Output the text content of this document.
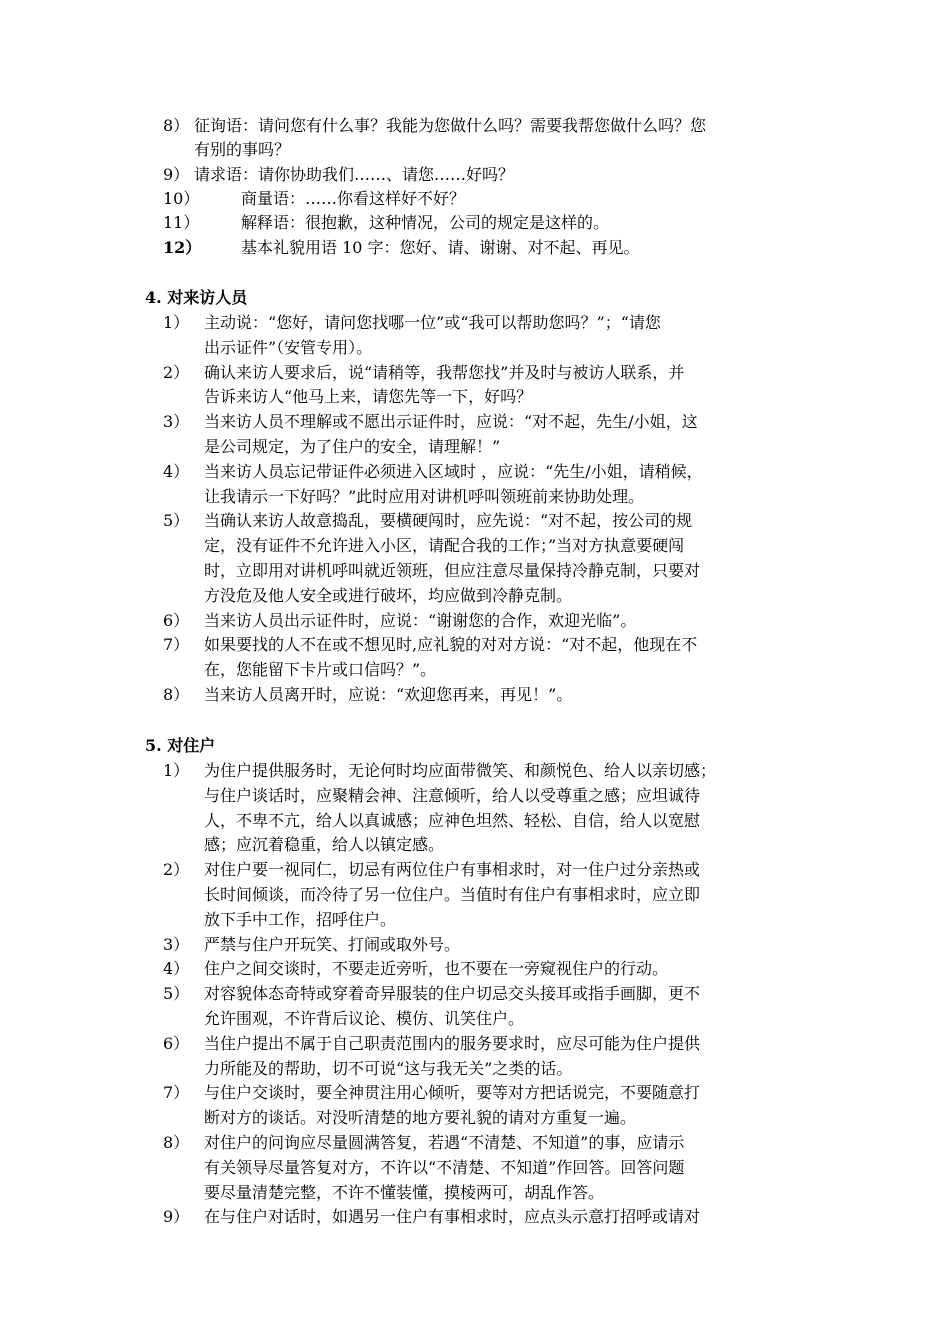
8） 征询语：请问您有什么事？我能为您做什么吗？需要我帮您做什么吗？您
有别的事吗？
9） 请求语：请你协助我们……、请您……好吗？
10）	商量语：……你看这样好不好？
11）	解释语：很抱歉，这种情况，公司的规定是这样的。
12） 基本礼貌用语 10 字：您好、请、谢谢、对不起、再见。
4. 对来访人员
1） 主动说：“您好，请问您找哪一位”或“我可以帮助您吗？”；“请您
出示证件”（安管专用）。
2） 确认来访人要求后，说“请稍等，我帮您找”并及时与被访人联系，并
告诉来访人“他马上来，请您先等一下，好吗？
3） 当来访人员不理解或不愿出示证件时，应说：“对不起，先生/小姐，这
是公司规定，为了住户的安全，请理解！”
4） 当来访人员忘记带证件必须进入区域时 ，应说：“先生/小姐，请稍候，
让我请示一下好吗？”此时应用对讲机呼叫领班前来协助处理。
5） 当确认来访人故意捣乱，要横硬闯时，应先说：“对不起，按公司的规
定，没有证件不允许进入小区，请配合我的工作；”当对方执意要硬闯
时，立即用对讲机呼叫就近领班，但应注意尽量保持冷静克制，只要对
方没危及他人安全或进行破坏，均应做到冷静克制。
6） 当来访人员出示证件时，应说：“谢谢您的合作，欢迎光临”。
7） 如果要找的人不在或不想见时,应礼貌的对对方说：“对不起，他现在不
在，您能留下卡片或口信吗？”。
8） 当来访人员离开时，应说：“欢迎您再来，再见！”。
5. 对住户
1） 为住户提供服务时，无论何时均应面带微笑、和颜悦色、给人以亲切感；
与住户谈话时，应聚精会神、注意倾听，给人以受尊重之感；应坦诚待
人，不卑不亢，给人以真诚感；应神色坦然、轻松、自信，给人以宽慰
感；应沉着稳重，给人以镇定感。
2） 对住户要一视同仁，切忌有两位住户有事相求时，对一住户过分亲热或
长时间倾谈，而冷待了另一位住户。当值时有住户有事相求时，应立即
放下手中工作，招呼住户。
3） 严禁与住户开玩笑、打闹或取外号。
4） 住户之间交谈时，不要走近旁听，也不要在一旁窥视住户的行动。
5） 对容貌体态奇特或穿着奇异服装的住户切忌交头接耳或指手画脚，更不
允许围观，不许背后议论、模仿、讥笑住户。
6） 当住户提出不属于自己职责范围内的服务要求时，应尽可能为住户提供
力所能及的帮助，切不可说“这与我无关”之类的话。
7） 与住户交谈时，要全神贯注用心倾听，要等对方把话说完，不要随意打
断对方的谈话。对没听清楚的地方要礼貌的请对方重复一遍。
8） 对住户的问询应尽量圆满答复，若遇“不清楚、不知道”的事，应请示
有关领导尽量答复对方，不许以“不清楚、不知道”作回答。回答问题
要尽量清楚完整，不许不懂装懂，摸棱两可，胡乱作答。
9） 在与住户对话时，如遇另一住户有事相求时，应点头示意打招呼或请对
